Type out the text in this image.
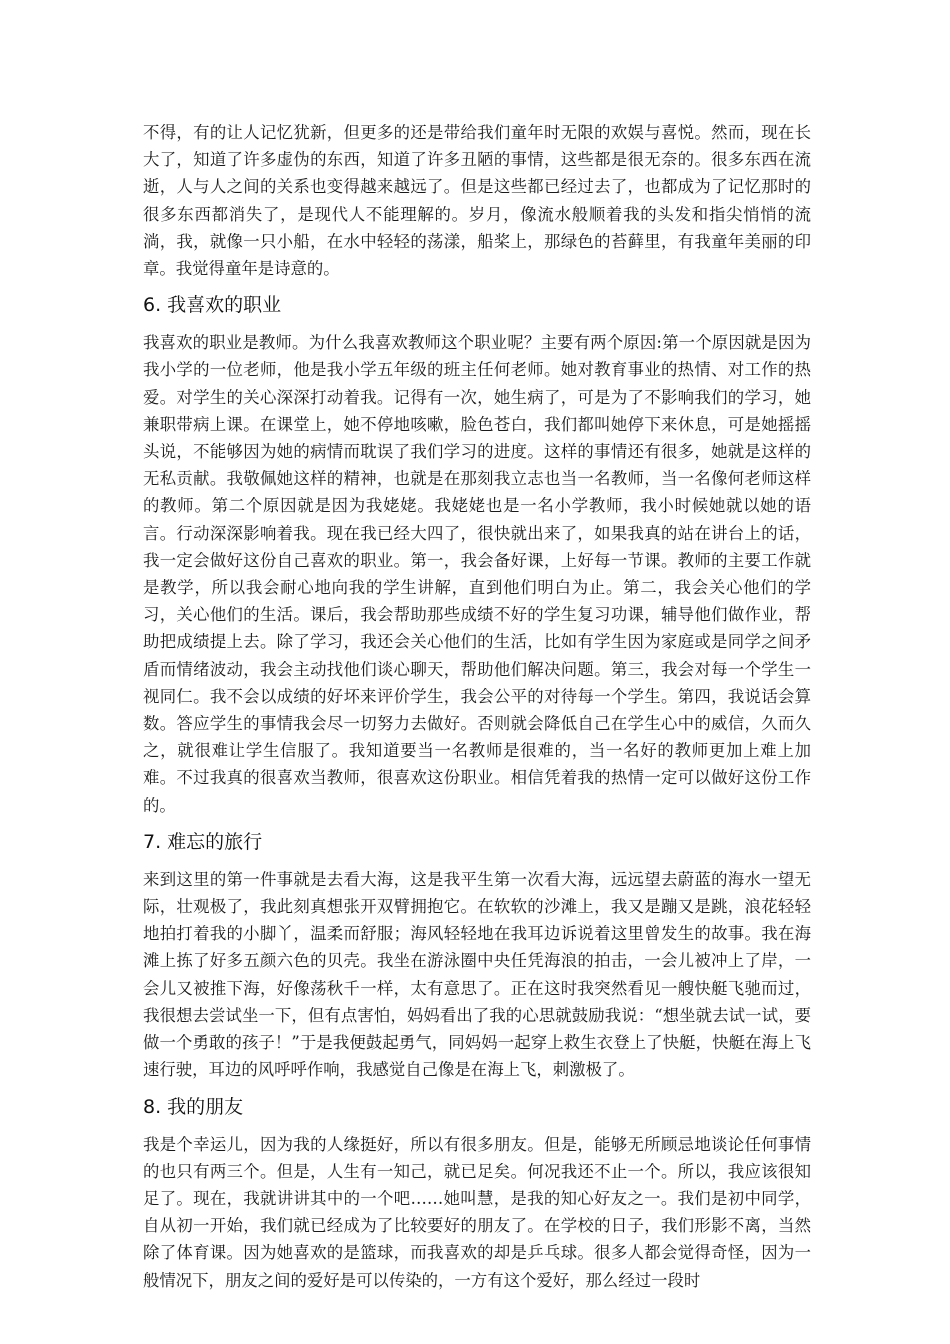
不得，有的让人记忆犹新，但更多的还是带给我们童年时无限的欢娱与喜悦。然而，现在长大了，知道了许多虚伪的东西，知道了许多丑陋的事情，这些都是很无奈的。很多东西在流逝，人与人之间的关系也变得越来越远了。但是这些都已经过去了，也都成为了记忆那时的很多东西都消失了，是现代人不能理解的。岁月，像流水般顺着我的头发和指尖悄悄的流淌，我，就像一只小船，在水中轻轻的荡漾，船桨上，那绿色的苔藓里，有我童年美丽的印章。我觉得童年是诗意的。

6. 我喜欢的职业

我喜欢的职业是教师。为什么我喜欢教师这个职业呢？主要有两个原因:第一个原因就是因为我小学的一位老师，他是我小学五年级的班主任何老师。她对教育事业的热情、对工作的热爱。对学生的关心深深打动着我。记得有一次，她生病了，可是为了不影响我们的学习，她兼职带病上课。在课堂上，她不停地咳嗽，脸色苍白，我们都叫她停下来休息，可是她摇摇头说，不能够因为她的病情而耽误了我们学习的进度。这样的事情还有很多，她就是这样的无私贡献。我敬佩她这样的精神，也就是在那刻我立志也当一名教师，当一名像何老师这样的教师。第二个原因就是因为我姥姥。我姥姥也是一名小学教师，我小时候她就以她的语言。行动深深影响着我。现在我已经大四了，很快就出来了，如果我真的站在讲台上的话，我一定会做好这份自己喜欢的职业。第一，我会备好课，上好每一节课。教师的主要工作就是教学，所以我会耐心地向我的学生讲解，直到他们明白为止。第二，我会关心他们的学习，关心他们的生活。课后，我会帮助那些成绩不好的学生复习功课，辅导他们做作业，帮助把成绩提上去。除了学习，我还会关心他们的生活，比如有学生因为家庭或是同学之间矛盾而情绪波动，我会主动找他们谈心聊天，帮助他们解决问题。第三，我会对每一个学生一视同仁。我不会以成绩的好坏来评价学生，我会公平的对待每一个学生。第四，我说话会算数。答应学生的事情我会尽一切努力去做好。否则就会降低自己在学生心中的威信，久而久之，就很难让学生信服了。我知道要当一名教师是很难的，当一名好的教师更加上难上加难。不过我真的很喜欢当教师，很喜欢这份职业。相信凭着我的热情一定可以做好这份工作的。

7. 难忘的旅行

来到这里的第一件事就是去看大海，这是我平生第一次看大海，远远望去蔚蓝的海水一望无际，壮观极了，我此刻真想张开双臂拥抱它。在软软的沙滩上，我又是蹦又是跳，浪花轻轻地拍打着我的小脚丫，温柔而舒服；海风轻轻地在我耳边诉说着这里曾发生的故事。我在海滩上拣了好多五颜六色的贝壳。我坐在游泳圈中央任凭海浪的拍击，一会儿被冲上了岸，一会儿又被推下海，好像荡秋千一样，太有意思了。正在这时我突然看见一艘快艇飞驰而过，我很想去尝试坐一下，但有点害怕，妈妈看出了我的心思就鼓励我说：“想坐就去试一试，要做一个勇敢的孩子！”于是我便鼓起勇气，同妈妈一起穿上救生衣登上了快艇，快艇在海上飞速行驶，耳边的风呼呼作响，我感觉自己像是在海上飞，刺激极了。

8. 我的朋友

我是个幸运儿，因为我的人缘挺好，所以有很多朋友。但是，能够无所顾忌地谈论任何事情的也只有两三个。但是，人生有一知己，就已足矣。何况我还不止一个。所以，我应该很知足了。现在，我就讲讲其中的一个吧……她叫慧，是我的知心好友之一。我们是初中同学，自从初一开始，我们就已经成为了比较要好的朋友了。在学校的日子，我们形影不离，当然除了体育课。因为她喜欢的是篮球，而我喜欢的却是乒乓球。很多人都会觉得奇怪，因为一般情况下，朋友之间的爱好是可以传染的，一方有这个爱好，那么经过一段时
